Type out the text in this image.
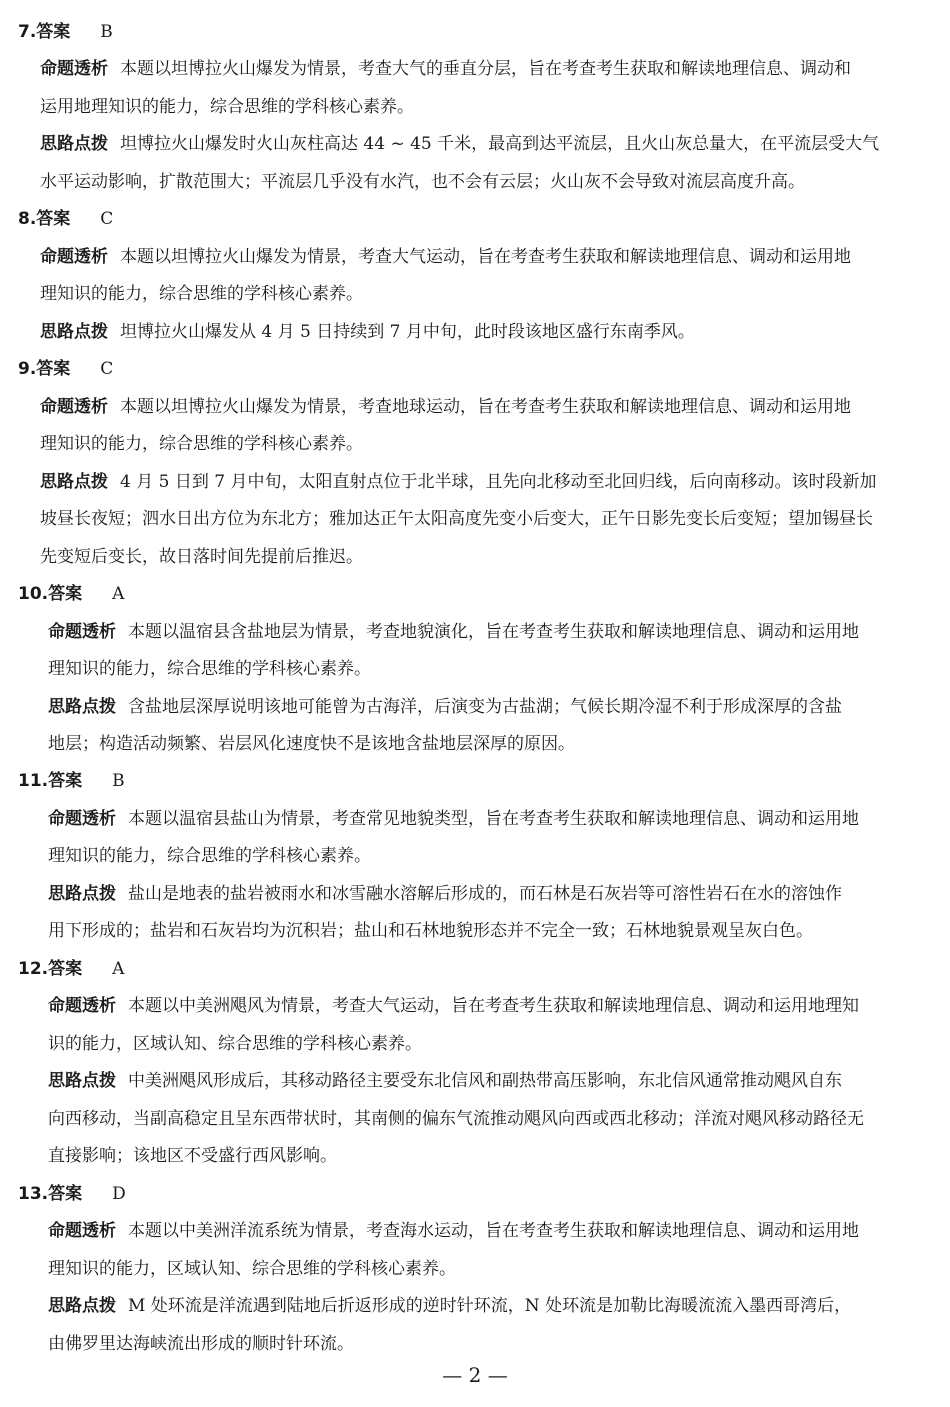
7.答案 B
命题透析 本题以坦博拉火山爆发为情景，考查大气的垂直分层，旨在考查考生获取和解读地理信息、调动和
运用地理知识的能力，综合思维的学科核心素养。
思路点拨 坦博拉火山爆发时火山灰柱高达 44 ~ 45 千米，最高到达平流层，且火山灰总量大，在平流层受大气
水平运动影响，扩散范围大；平流层几乎没有水汽，也不会有云层；火山灰不会导致对流层高度升高。
8.答案 C
命题透析 本题以坦博拉火山爆发为情景，考查大气运动，旨在考查考生获取和解读地理信息、调动和运用地
理知识的能力，综合思维的学科核心素养。
思路点拨 坦博拉火山爆发从 4 月 5 日持续到 7 月中旬，此时段该地区盛行东南季风。
9.答案 C
命题透析 本题以坦博拉火山爆发为情景，考查地球运动，旨在考查考生获取和解读地理信息、调动和运用地
理知识的能力，综合思维的学科核心素养。
思路点拨 4 月 5 日到 7 月中旬，太阳直射点位于北半球，且先向北移动至北回归线，后向南移动。该时段新加
坡昼长夜短；泗水日出方位为东北方；雅加达正午太阳高度先变小后变大，正午日影先变长后变短；望加锡昼长
先变短后变长，故日落时间先提前后推迟。
10.答案 A
命题透析 本题以温宿县含盐地层为情景，考查地貌演化，旨在考查考生获取和解读地理信息、调动和运用地
理知识的能力，综合思维的学科核心素养。
思路点拨 含盐地层深厚说明该地可能曾为古海洋，后演变为古盐湖；气候长期冷湿不利于形成深厚的含盐
地层；构造活动频繁、岩层风化速度快不是该地含盐地层深厚的原因。
11.答案 B
命题透析 本题以温宿县盐山为情景，考查常见地貌类型，旨在考查考生获取和解读地理信息、调动和运用地
理知识的能力，综合思维的学科核心素养。
思路点拨 盐山是地表的盐岩被雨水和冰雪融水溶解后形成的，而石林是石灰岩等可溶性岩石在水的溶蚀作
用下形成的；盐岩和石灰岩均为沉积岩；盐山和石林地貌形态并不完全一致；石林地貌景观呈灰白色。
12.答案 A
命题透析 本题以中美洲飓风为情景，考查大气运动，旨在考查考生获取和解读地理信息、调动和运用地理知
识的能力，区域认知、综合思维的学科核心素养。
思路点拨 中美洲飓风形成后，其移动路径主要受东北信风和副热带高压影响，东北信风通常推动飓风自东
向西移动，当副高稳定且呈东西带状时，其南侧的偏东气流推动飓风向西或西北移动；洋流对飓风移动路径无
直接影响；该地区不受盛行西风影响。
13.答案 D
命题透析 本题以中美洲洋流系统为情景，考查海水运动，旨在考查考生获取和解读地理信息、调动和运用地
理知识的能力，区域认知、综合思维的学科核心素养。
思路点拨 M 处环流是洋流遇到陆地后折返形成的逆时针环流，N 处环流是加勒比海暖流流入墨西哥湾后，
由佛罗里达海峡流出形成的顺时针环流。
— 2 —
